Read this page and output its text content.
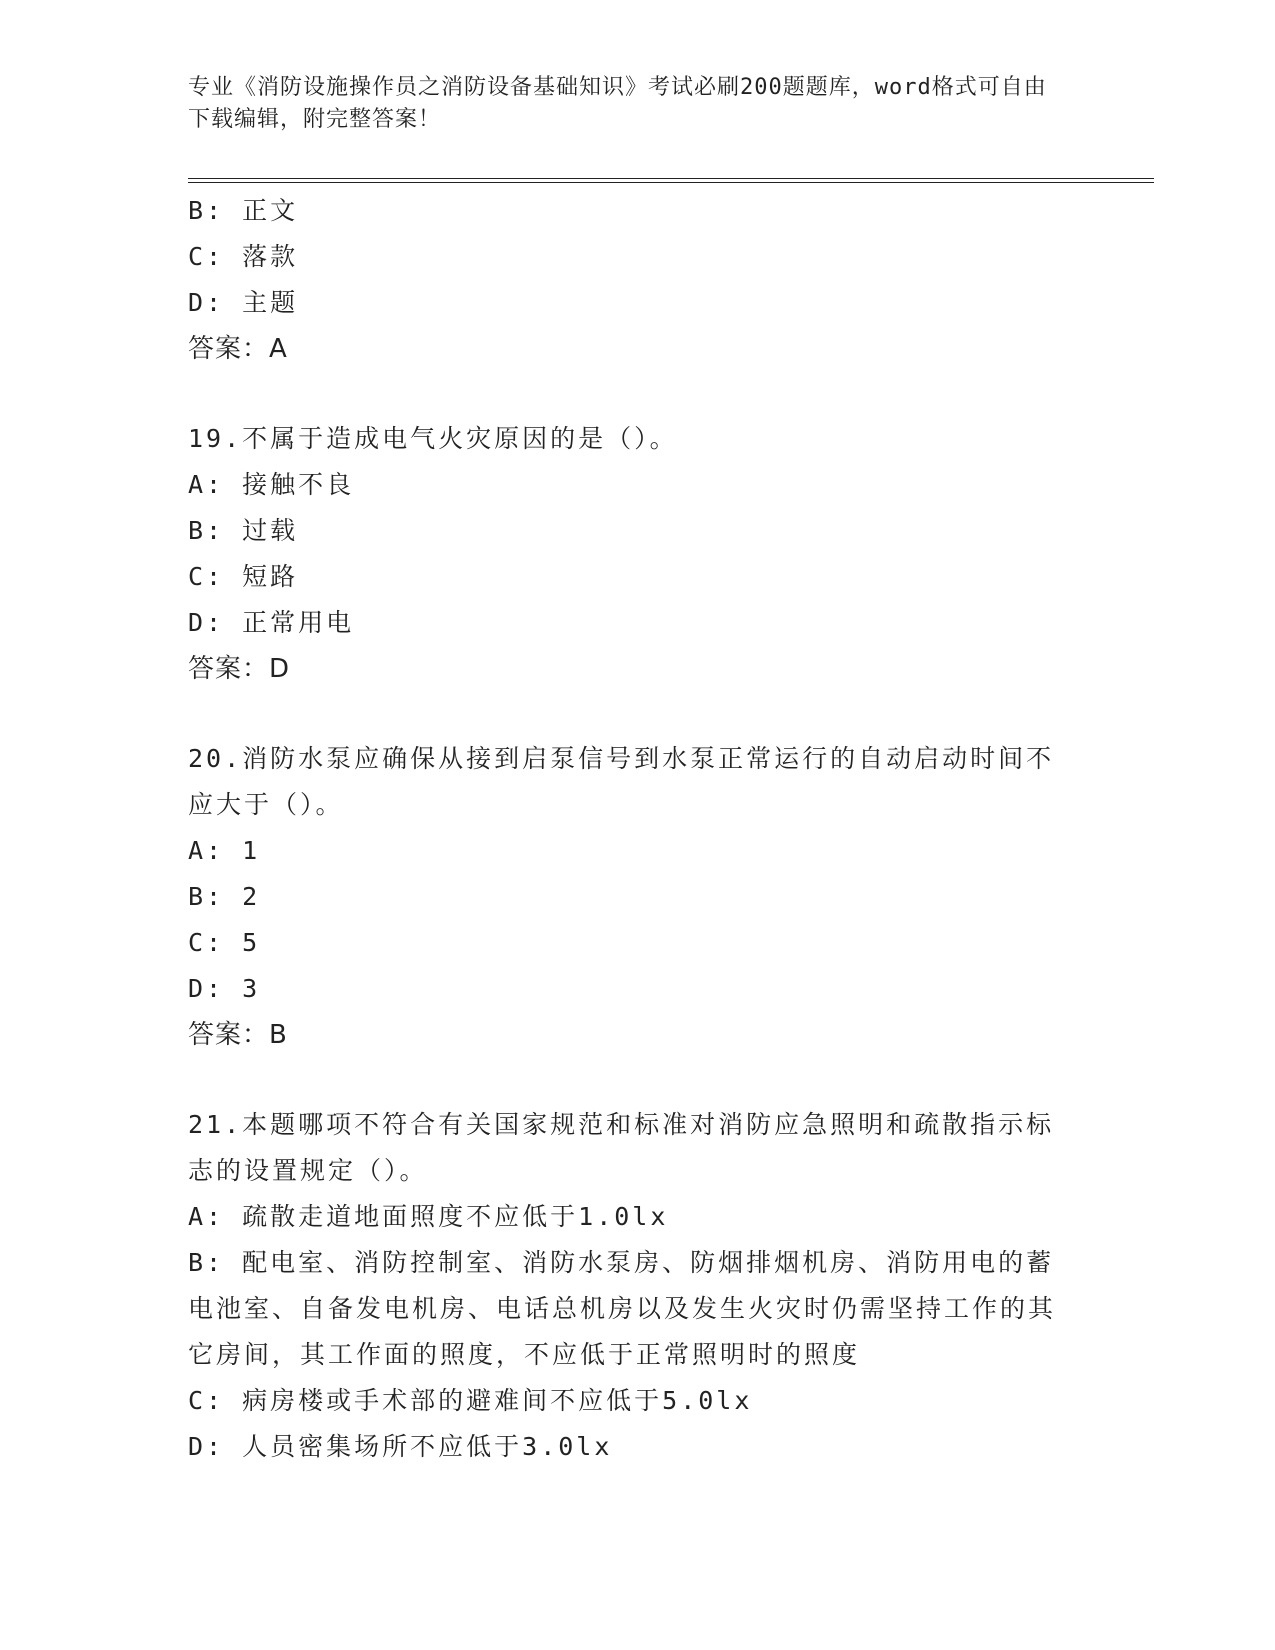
专业《消防设施操作员之消防设备基础知识》考试必刷200题题库，word格式可自由下载编辑，附完整答案！
B: 正文
C: 落款
D: 主题
答案：A
19.不属于造成电气火灾原因的是（）。
A: 接触不良
B: 过载
C: 短路
D: 正常用电
答案：D
20.消防水泵应确保从接到启泵信号到水泵正常运行的自动启动时间不应大于（）。
A: 1
B: 2
C: 5
D: 3
答案：B
21.本题哪项不符合有关国家规范和标准对消防应急照明和疏散指示标志的设置规定（）。
A: 疏散走道地面照度不应低于1.0lx
B: 配电室、消防控制室、消防水泵房、防烟排烟机房、消防用电的蓄电池室、自备发电机房、电话总机房以及发生火灾时仍需坚持工作的其它房间，其工作面的照度，不应低于正常照明时的照度
C: 病房楼或手术部的避难间不应低于5.0lx
D: 人员密集场所不应低于3.0lx
